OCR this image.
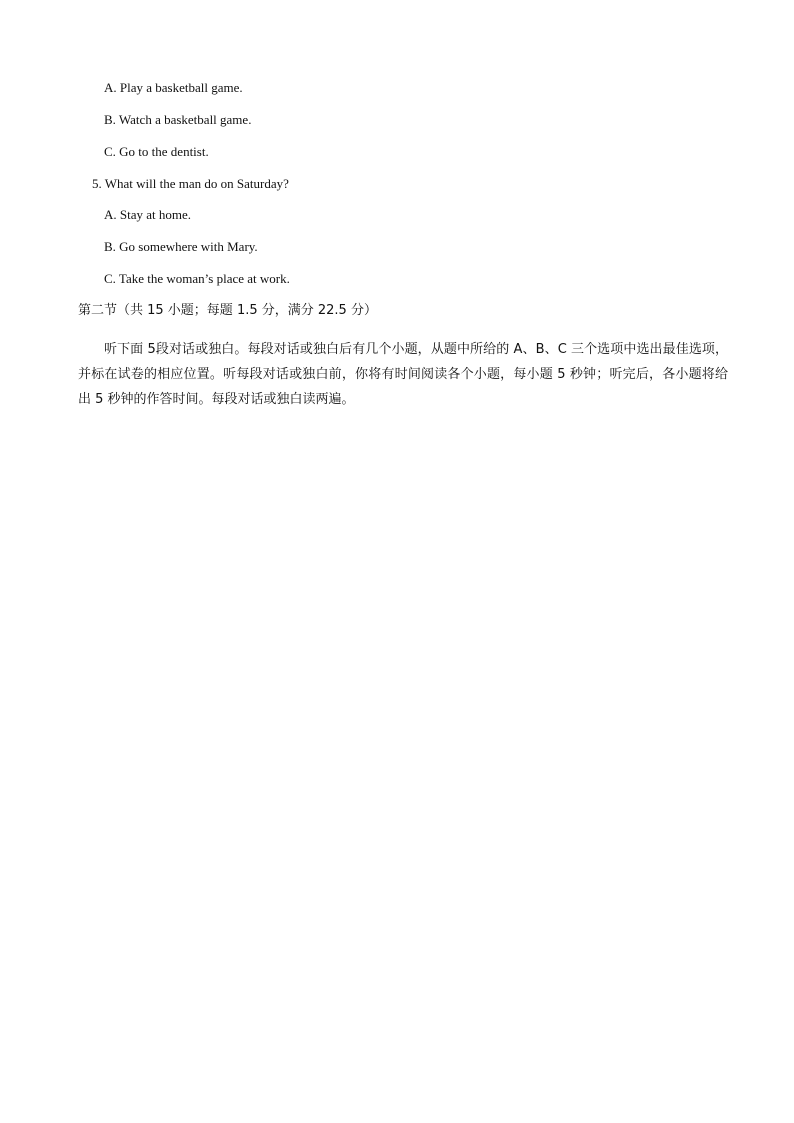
A. Play a basketball game.
B. Watch a basketball game.
C. Go to the dentist.
5. What will the man do on Saturday?
A. Stay at home.
B. Go somewhere with Mary.
C. Take the woman’s place at work.
第二节（共 15 小题；每题 1.5 分，满分 22.5 分）
听下面 5段对话或独白。每段对话或独白后有几个小题，从题中所给的 A、B、C 三个选项中选出最佳选项，并标在试卷的相应位置。听每段对话或独白前，你将有时间阅读各个小题，每小题 5 秒钟；听完后，各小题将给出 5 秒钟的作答时间。每段对话或独白读两遍。
